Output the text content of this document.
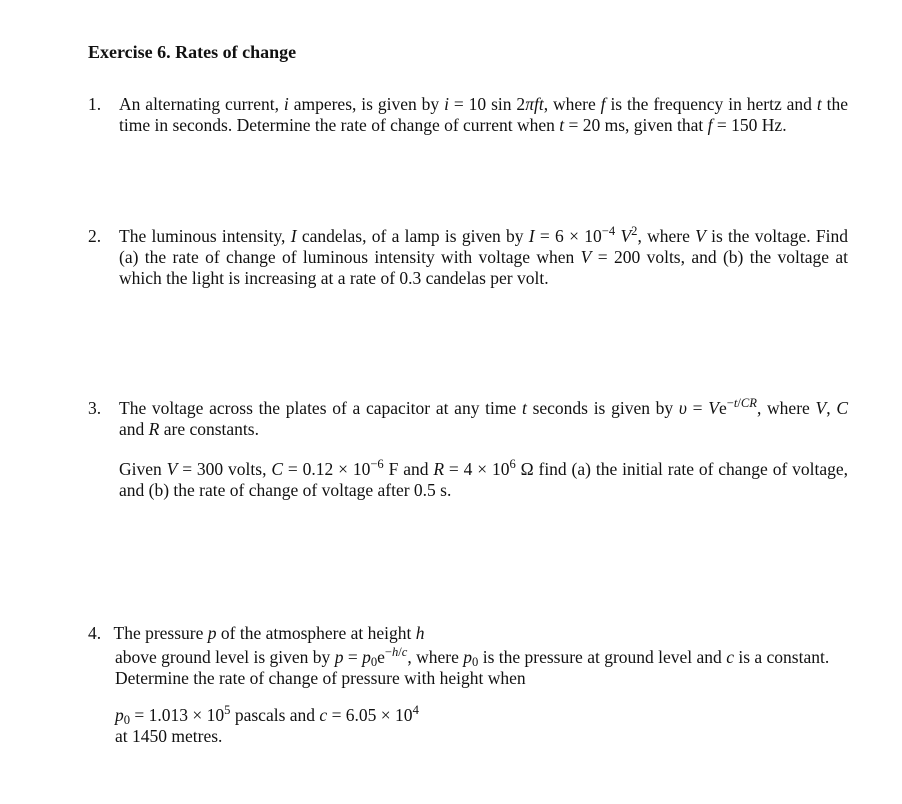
Exercise 6. Rates of change
1. An alternating current, i amperes, is given by i = 10 sin 2πft, where f is the frequency in hertz and t the time in seconds. Determine the rate of change of current when t = 20 ms, given that f = 150 Hz.
2. The luminous intensity, I candelas, of a lamp is given by $I = 6 \times 10^{-4}$ $V^2$, where V is the voltage. Find (a) the rate of change of luminous intensity with voltage when V = 200 volts, and (b) the voltage at which the light is increasing at a rate of 0.3 candelas per volt.
3. The voltage across the plates of a capacitor at any time t seconds is given by $\upsilon = Ve^{-t/CR}$, where V, C and R are constants.
Given V = 300 volts, $C = 0.12 \times 10^{-6}$ F and $R = 4 \times 10^6$ Ω find (a) the initial rate of change of voltage, and (b) the rate of change of voltage after 0.5 s.
4. The pressure p of the atmosphere at height h
above ground level is given by $p = p_0e^{-h/c}$, where $p_0$ is the pressure at ground level and c is a constant. Determine the rate of change of pressure with height when
$p_0 = 1.013 \times 10^5$ pascals and $c = 6.05 \times 10^4$
at 1450 metres.
